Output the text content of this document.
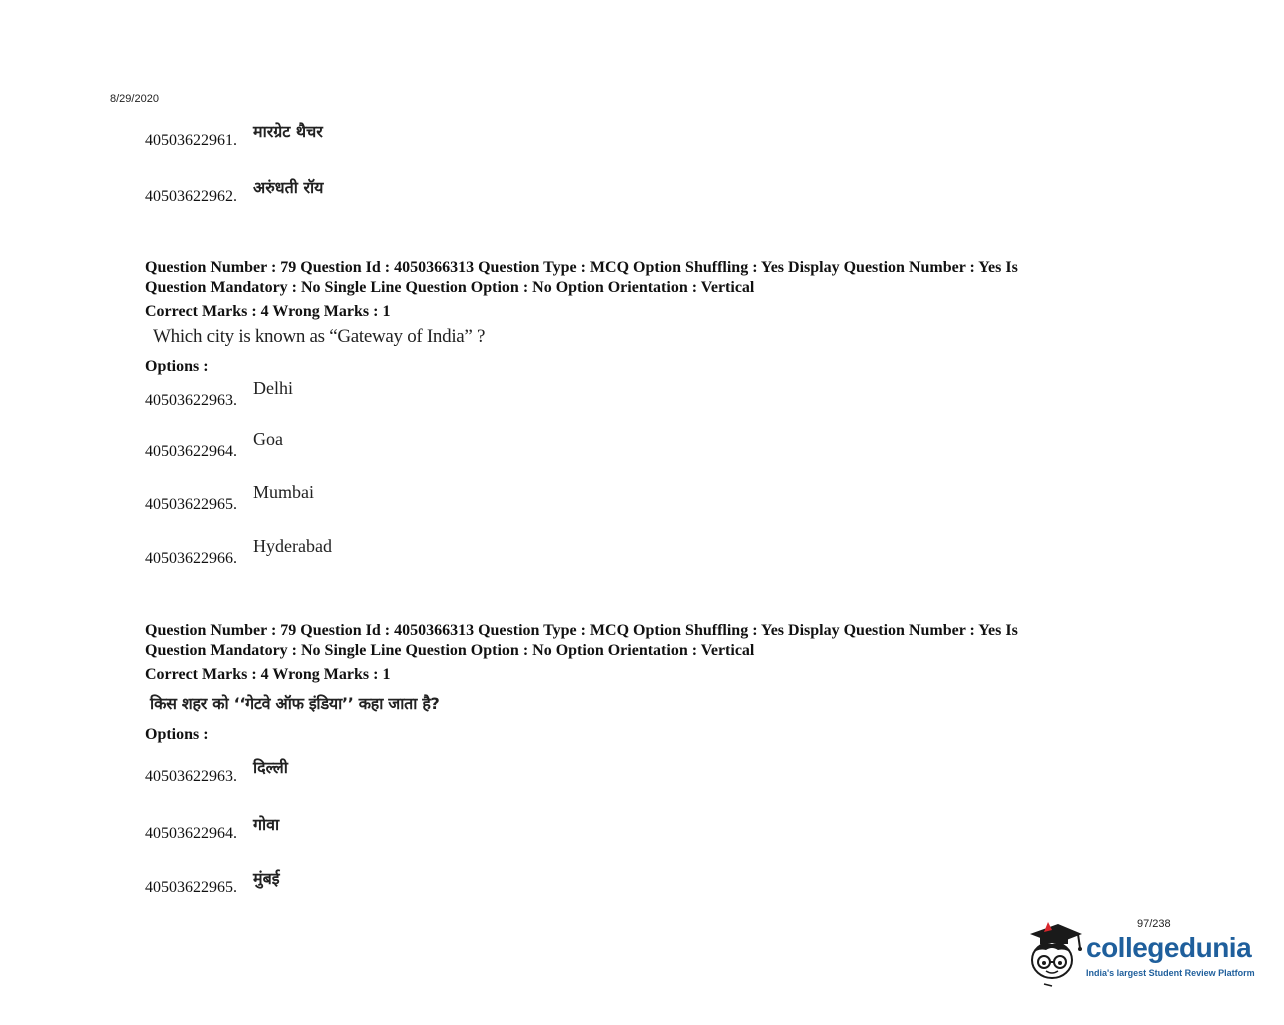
8/29/2020
40503622961. मारग्रेट थैचर
40503622962. अरुंधती रॉय
Question Number : 79 Question Id : 4050366313 Question Type : MCQ Option Shuffling : Yes Display Question Number : Yes Is
Question Mandatory : No Single Line Question Option : No Option Orientation : Vertical
Correct Marks : 4 Wrong Marks : 1
Which city is known as “Gateway of India” ?
Options :
40503622963.
Delhi
40503622964.
Goa
40503622965.
Mumbai
40503622966.
Hyderabad
Question Number : 79 Question Id : 4050366313 Question Type : MCQ Option Shuffling : Yes Display Question Number : Yes Is
Question Mandatory : No Single Line Question Option : No Option Orientation : Vertical
Correct Marks : 4 Wrong Marks : 1
किस शहर को ‘‘गेटवे ऑफ इंडिया’’ कहा जाता है?
Options :
40503622963. दिल्ली
40503622964. गोवा
40503622965. मुंबई
97/238
collegedunia
India's largest Student Review Platform
